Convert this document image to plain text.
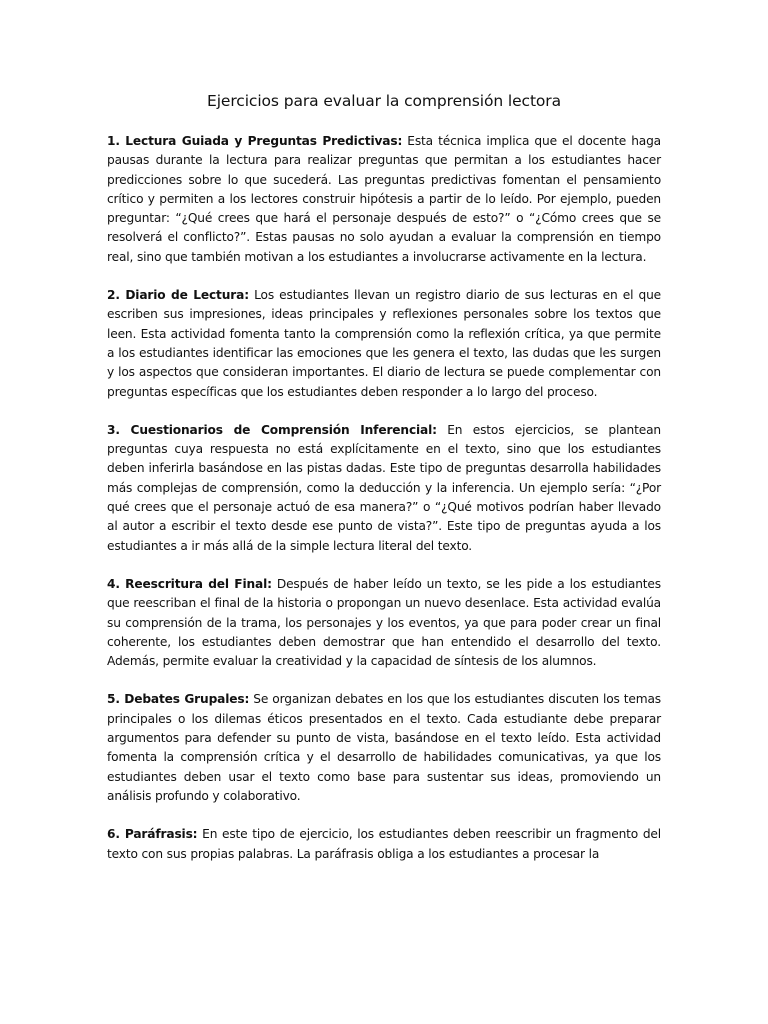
Ejercicios para evaluar la comprensión lectora

1. Lectura Guiada y Preguntas Predictivas: Esta técnica implica que el docente haga pausas durante la lectura para realizar preguntas que permitan a los estudiantes hacer predicciones sobre lo que sucederá. Las preguntas predictivas fomentan el pensamiento crítico y permiten a los lectores construir hipótesis a partir de lo leído. Por ejemplo, pueden preguntar: “¿Qué crees que hará el personaje después de esto?” o “¿Cómo crees que se resolverá el conflicto?”. Estas pausas no solo ayudan a evaluar la comprensión en tiempo real, sino que también motivan a los estudiantes a involucrarse activamente en la lectura.

2. Diario de Lectura: Los estudiantes llevan un registro diario de sus lecturas en el que escriben sus impresiones, ideas principales y reflexiones personales sobre los textos que leen. Esta actividad fomenta tanto la comprensión como la reflexión crítica, ya que permite a los estudiantes identificar las emociones que les genera el texto, las dudas que les surgen y los aspectos que consideran importantes. El diario de lectura se puede complementar con preguntas específicas que los estudiantes deben responder a lo largo del proceso.

3. Cuestionarios de Comprensión Inferencial: En estos ejercicios, se plantean preguntas cuya respuesta no está explícitamente en el texto, sino que los estudiantes deben inferirla basándose en las pistas dadas. Este tipo de preguntas desarrolla habilidades más complejas de comprensión, como la deducción y la inferencia. Un ejemplo sería: “¿Por qué crees que el personaje actuó de esa manera?” o “¿Qué motivos podrían haber llevado al autor a escribir el texto desde ese punto de vista?”. Este tipo de preguntas ayuda a los estudiantes a ir más allá de la simple lectura literal del texto.

4. Reescritura del Final: Después de haber leído un texto, se les pide a los estudiantes que reescriban el final de la historia o propongan un nuevo desenlace. Esta actividad evalúa su comprensión de la trama, los personajes y los eventos, ya que para poder crear un final coherente, los estudiantes deben demostrar que han entendido el desarrollo del texto. Además, permite evaluar la creatividad y la capacidad de síntesis de los alumnos.

5. Debates Grupales: Se organizan debates en los que los estudiantes discuten los temas principales o los dilemas éticos presentados en el texto. Cada estudiante debe preparar argumentos para defender su punto de vista, basándose en el texto leído. Esta actividad fomenta la comprensión crítica y el desarrollo de habilidades comunicativas, ya que los estudiantes deben usar el texto como base para sustentar sus ideas, promoviendo un análisis profundo y colaborativo.

6. Paráfrasis: En este tipo de ejercicio, los estudiantes deben reescribir un fragmento del texto con sus propias palabras. La paráfrasis obliga a los estudiantes a procesar la
